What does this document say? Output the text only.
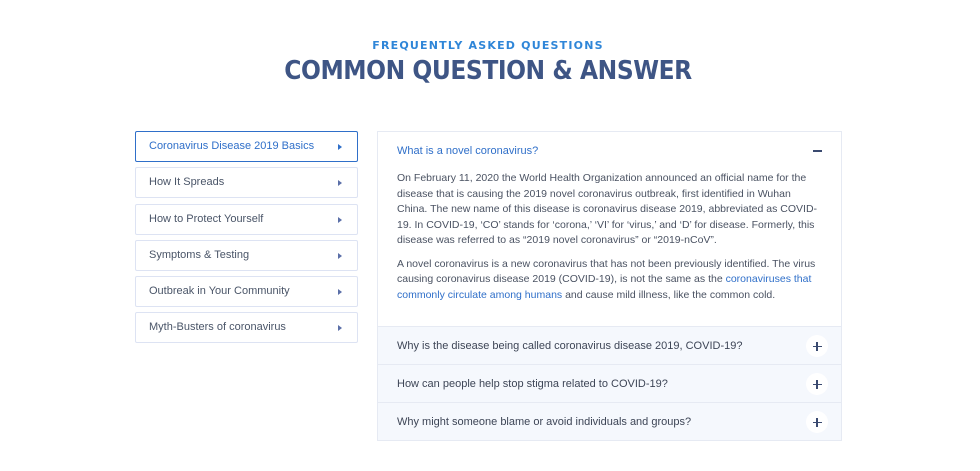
FREQUENTLY ASKED QUESTIONS
COMMON QUESTION & ANSWER
Coronavirus Disease 2019 Basics
How It Spreads
How to Protect Yourself
Symptoms & Testing
Outbreak in Your Community
Myth-Busters of coronavirus
What is a novel coronavirus?

On February 11, 2020 the World Health Organization announced an official name for the disease that is causing the 2019 novel coronavirus outbreak, first identified in Wuhan China. The new name of this disease is coronavirus disease 2019, abbreviated as COVID-19. In COVID-19, ‘CO’ stands for ‘corona,’ ‘VI’ for ‘virus,’ and ‘D’ for disease. Formerly, this disease was referred to as “2019 novel coronavirus” or “2019-nCoV”.

A novel coronavirus is a new coronavirus that has not been previously identified. The virus causing coronavirus disease 2019 (COVID-19), is not the same as the coronaviruses that commonly circulate among humans and cause mild illness, like the common cold.

Why is the disease being called coronavirus disease 2019, COVID-19?
How can people help stop stigma related to COVID-19?
Why might someone blame or avoid individuals and groups?
